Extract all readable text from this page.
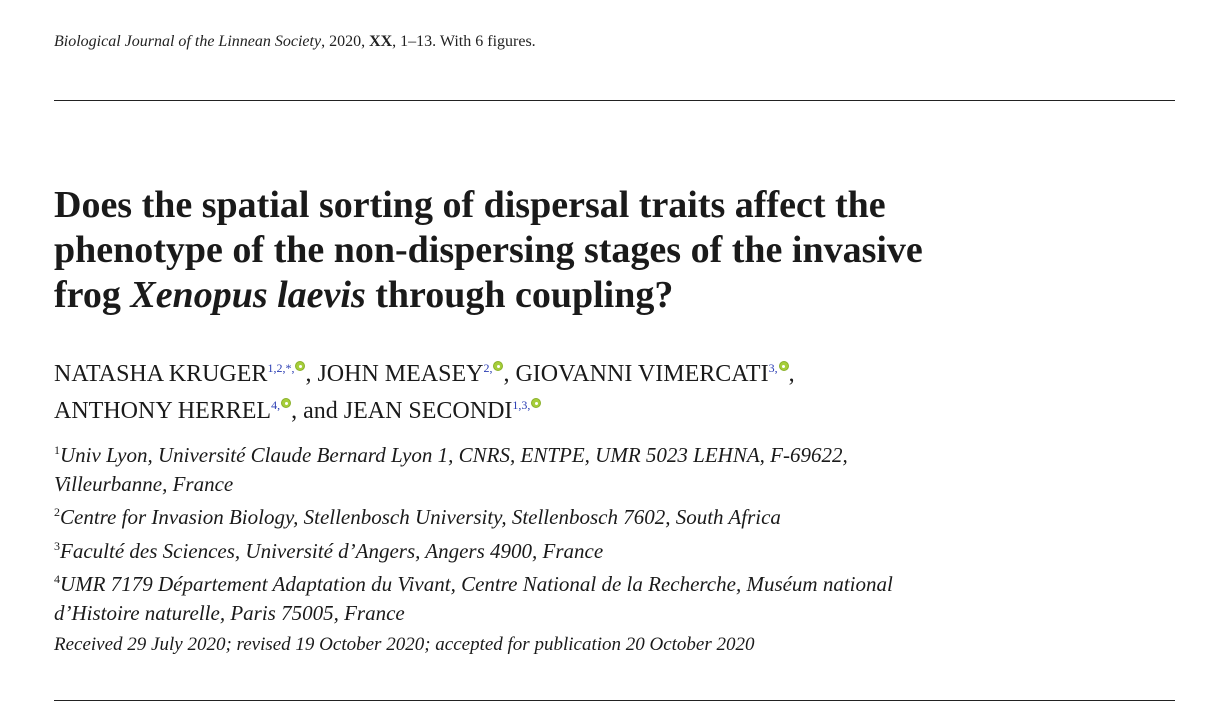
Biological Journal of the Linnean Society, 2020, XX, 1–13. With 6 figures.
Does the spatial sorting of dispersal traits affect the
phenotype of the non-dispersing stages of the invasive
frog Xenopus laevis through coupling?
NATASHA $KRUGER^{1,2,*,}$ , JOHN $MEASEY^{2,}$ , GIOVANNI $VIMERCATI^{3,}$ ,
ANTHONY $HERREL^{4,}$ , and JEAN $SECONDI^{1,3,}$
$^1$Univ Lyon, Université Claude Bernard Lyon 1, CNRS, ENTPE, UMR 5023 LEHNA, F-69622,
Villeurbanne, France
$^2$Centre for Invasion Biology, Stellenbosch University, Stellenbosch 7602, South Africa
$^3$Faculté des Sciences, Université d’Angers, Angers 4900, France
$^4$UMR 7179 Département Adaptation du Vivant, Centre National de la Recherche, Muséum national
d’Histoire naturelle, Paris 75005, France
Received 29 July 2020; revised 19 October 2020; accepted for publication 20 October 2020
